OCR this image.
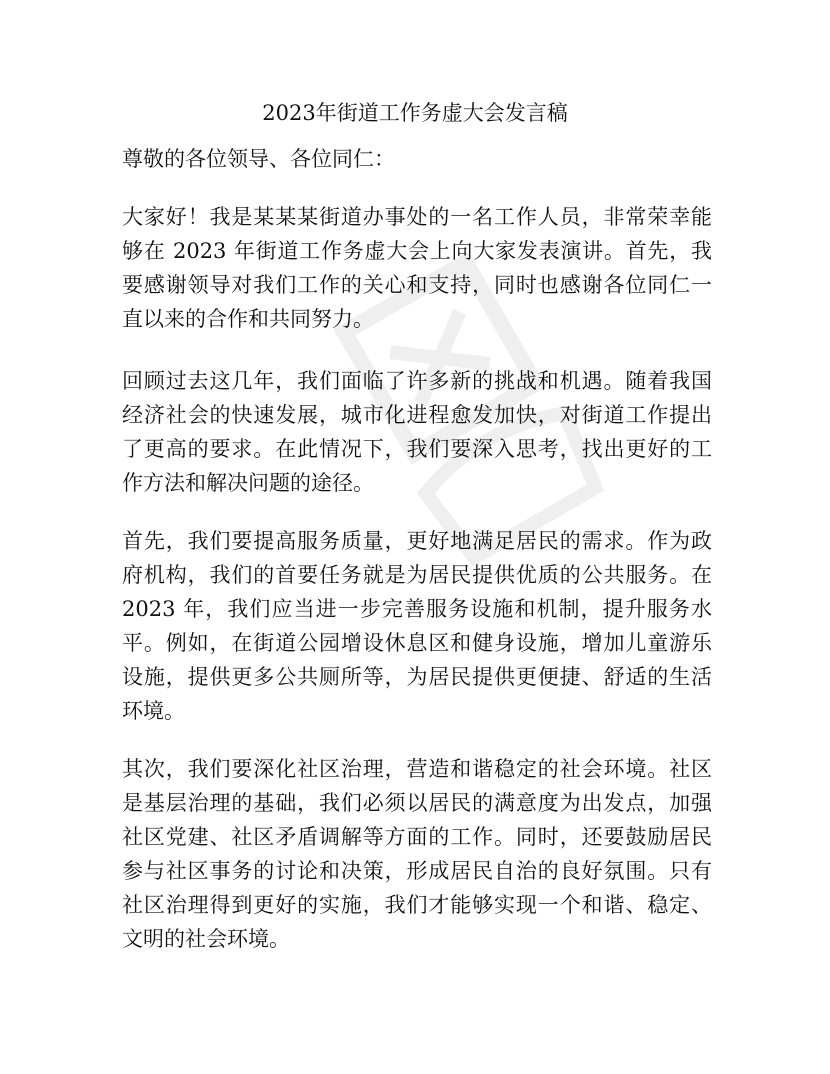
2023年街道工作务虚大会发言稿
尊敬的各位领导、各位同仁：
大家好！我是某某某街道办事处的一名工作人员，非常荣幸能
够在 2023 年街道工作务虚大会上向大家发表演讲。首先，我
要感谢领导对我们工作的关心和支持，同时也感谢各位同仁一
直以来的合作和共同努力。
回顾过去这几年，我们面临了许多新的挑战和机遇。随着我国
经济社会的快速发展，城市化进程愈发加快，对街道工作提出
了更高的要求。在此情况下，我们要深入思考，找出更好的工
作方法和解决问题的途径。
首先，我们要提高服务质量，更好地满足居民的需求。作为政
府机构，我们的首要任务就是为居民提供优质的公共服务。在
2023 年，我们应当进一步完善服务设施和机制，提升服务水
平。例如，在街道公园增设休息区和健身设施，增加儿童游乐
设施，提供更多公共厕所等，为居民提供更便捷、舒适的生活
环境。
其次，我们要深化社区治理，营造和谐稳定的社会环境。社区
是基层治理的基础，我们必须以居民的满意度为出发点，加强
社区党建、社区矛盾调解等方面的工作。同时，还要鼓励居民
参与社区事务的讨论和决策，形成居民自治的良好氛围。只有
社区治理得到更好的实施，我们才能够实现一个和谐、稳定、
文明的社会环境。
